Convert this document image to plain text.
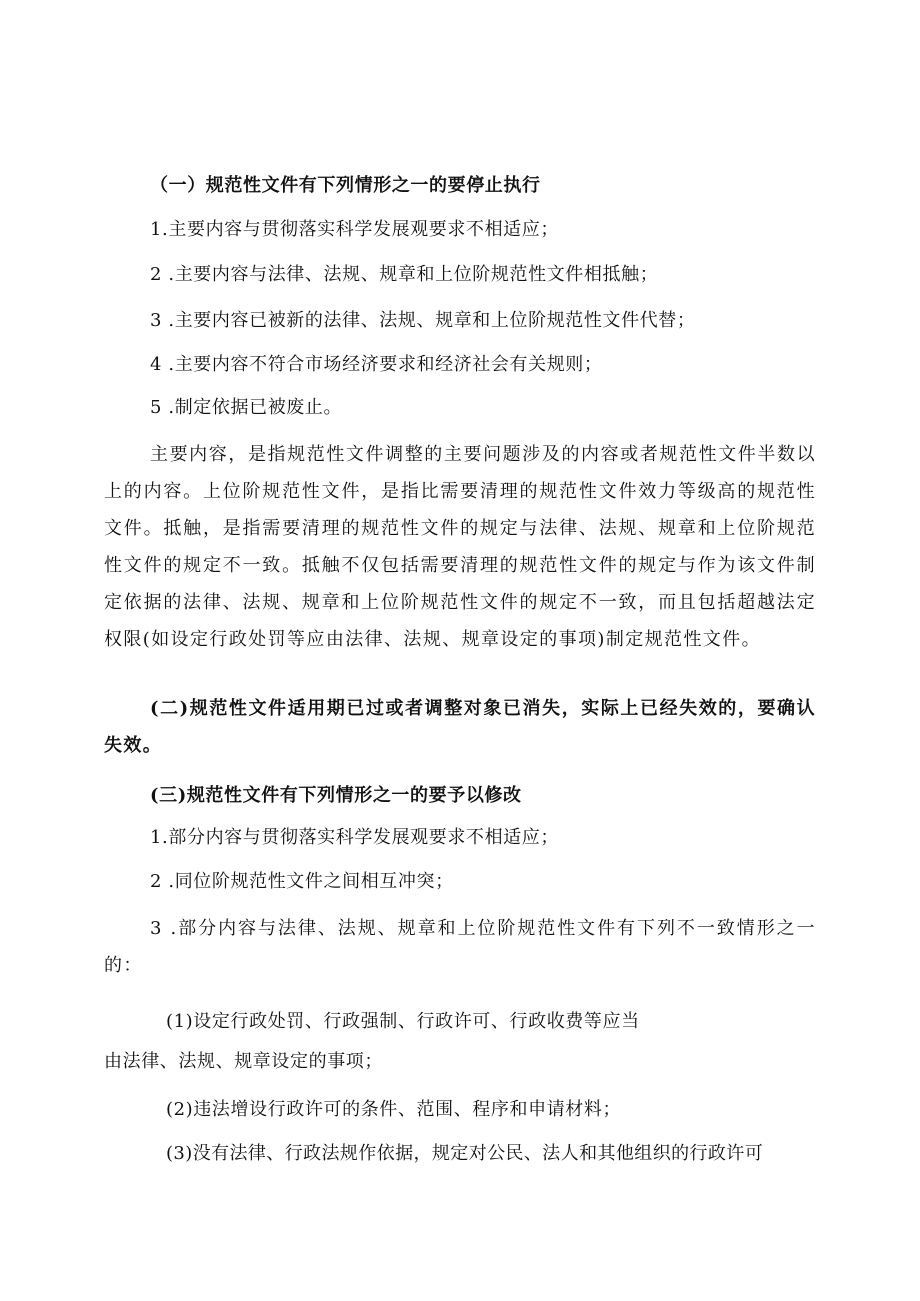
（一）规范性文件有下列情形之一的要停止执行
1.主要内容与贯彻落实科学发展观要求不相适应；
2 .主要内容与法律、法规、规章和上位阶规范性文件相抵触；
3 .主要内容已被新的法律、法规、规章和上位阶规范性文件代替；
4 .主要内容不符合市场经济要求和经济社会有关规则；
5 .制定依据已被废止。
主要内容，是指规范性文件调整的主要问题涉及的内容或者规范性文件半数以上的内容。上位阶规范性文件，是指比需要清理的规范性文件效力等级高的规范性文件。抵触，是指需要清理的规范性文件的规定与法律、法规、规章和上位阶规范性文件的规定不一致。抵触不仅包括需要清理的规范性文件的规定与作为该文件制定依据的法律、法规、规章和上位阶规范性文件的规定不一致，而且包括超越法定权限(如设定行政处罚等应由法律、法规、规章设定的事项)制定规范性文件。
(二)规范性文件适用期已过或者调整对象已消失，实际上已经失效的，要确认失效。
(三)规范性文件有下列情形之一的要予以修改
1.部分内容与贯彻落实科学发展观要求不相适应；
2 .同位阶规范性文件之间相互冲突；
3 .部分内容与法律、法规、规章和上位阶规范性文件有下列不一致情形之一的：
(1)设定行政处罚、行政强制、行政许可、行政收费等应当
由法律、法规、规章设定的事项；
(2)违法增设行政许可的条件、范围、程序和申请材料；
(3)没有法律、行政法规作依据，规定对公民、法人和其他组织的行政许可
